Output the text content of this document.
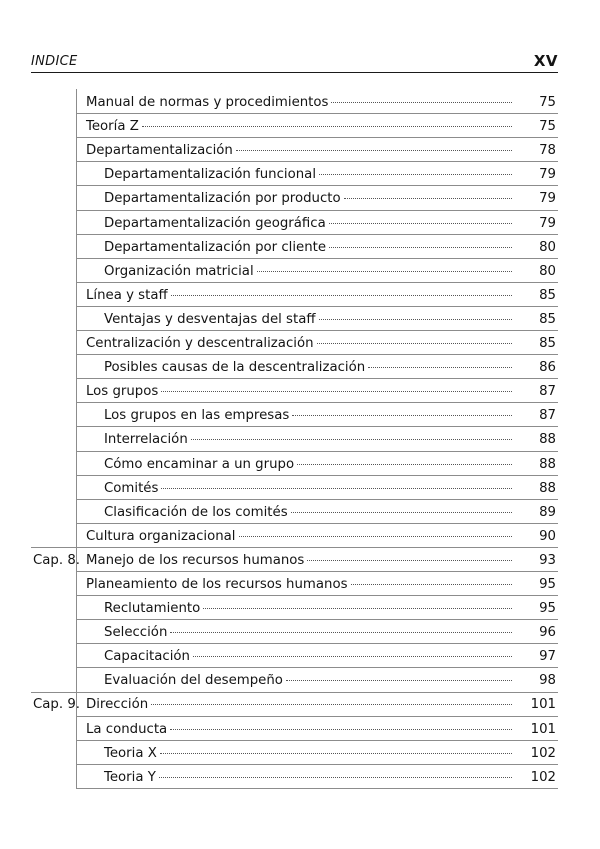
INDICE	XV
Manual de normas y procedimientos	75
Teoría Z	75
Departamentalización	78
Departamentalización funcional	79
Departamentalización por producto	79
Departamentalización geográfica	79
Departamentalización por cliente	80
Organización matricial	80
Línea y staff	85
Ventajas y desventajas del staff	85
Centralización y descentralización	85
Posibles causas de la descentralización	86
Los grupos	87
Los grupos en las empresas	87
Interrelación	88
Cómo encaminar a un grupo	88
Comités	88
Clasificación de los comités	89
Cultura organizacional	90
Cap. 8. Manejo de los recursos humanos	93
Planeamiento de los recursos humanos	95
Reclutamiento	95
Selección	96
Capacitación	97
Evaluación del desempeño	98
Cap. 9. Dirección	101
La conducta	101
Teoria X	102
Teoria Y	102
